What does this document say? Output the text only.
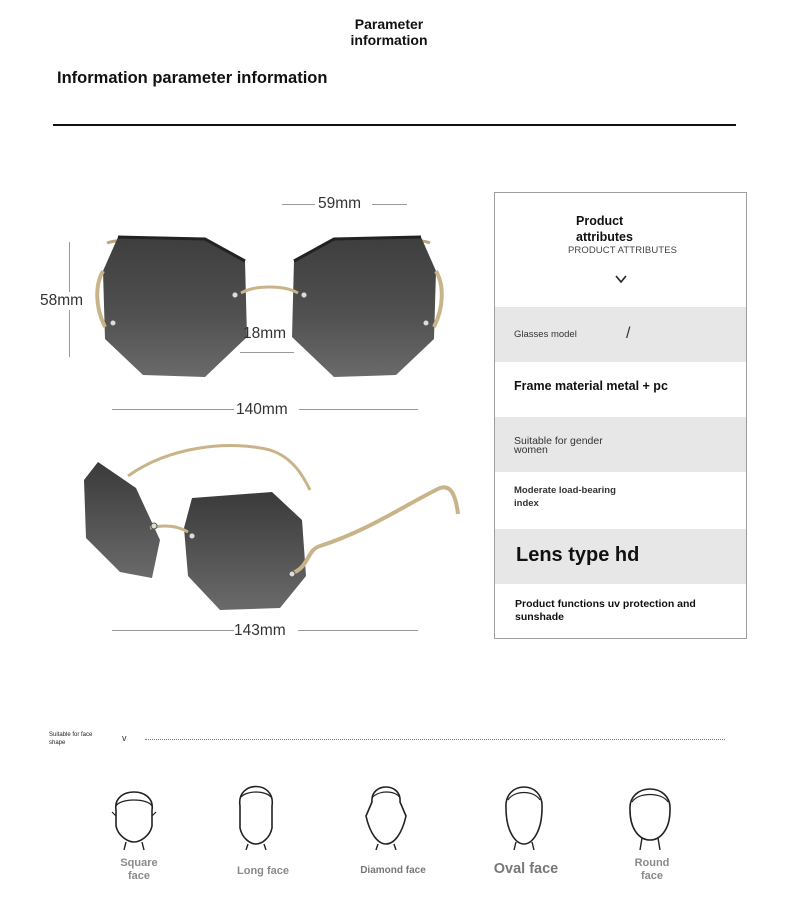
Parameter
information
Information parameter information
59mm
58mm
18mm
140mm
143mm
Product
attributes
PRODUCT ATTRIBUTES
Glasses model	/
Frame material metal + pc
Suitable for gender
women
Moderate load-bearing
index
Lens type hd
Product functions uv protection and
sunshade
Suitable for face
shape	v
Square
face	Long face	Diamond face	Oval face	Round
face
